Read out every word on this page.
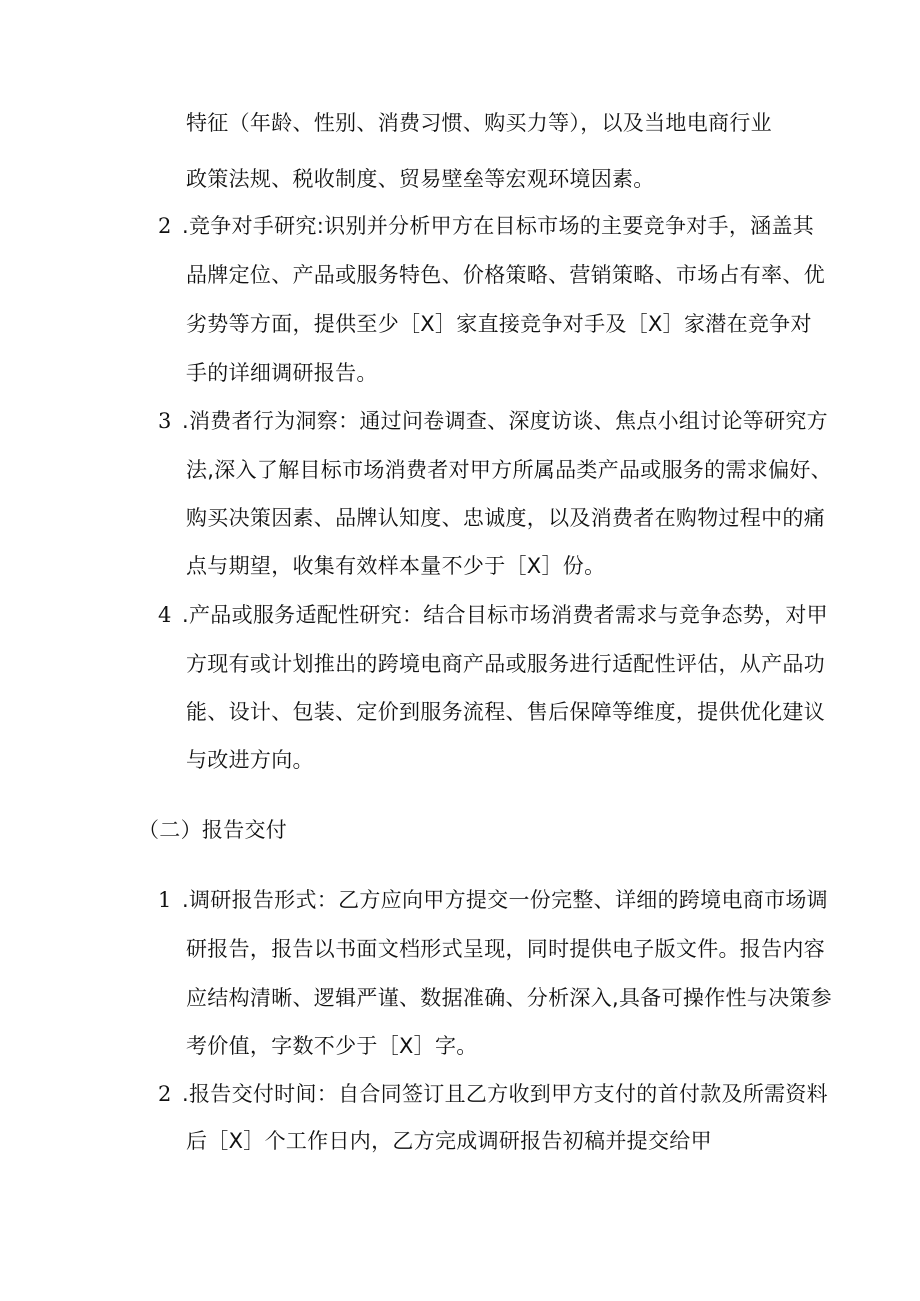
特征（年龄、性别、消费习惯、购买力等），以及当地电商行业
政策法规、税收制度、贸易壁垒等宏观环境因素。
2 .竞争对手研究:识别并分析甲方在目标市场的主要竞争对手，涵盖其
品牌定位、产品或服务特色、价格策略、营销策略、市场占有率、优
劣势等方面，提供至少［X］家直接竞争对手及［X］家潜在竞争对
手的详细调研报告。
3 .消费者行为洞察：通过问卷调查、深度访谈、焦点小组讨论等研究方
法,深入了解目标市场消费者对甲方所属品类产品或服务的需求偏好、
购买决策因素、品牌认知度、忠诚度，以及消费者在购物过程中的痛
点与期望，收集有效样本量不少于［X］份。
4 .产品或服务适配性研究：结合目标市场消费者需求与竞争态势，对甲
方现有或计划推出的跨境电商产品或服务进行适配性评估，从产品功
能、设计、包装、定价到服务流程、售后保障等维度，提供优化建议
与改进方向。
（二）报告交付
1 .调研报告形式：乙方应向甲方提交一份完整、详细的跨境电商市场调
研报告，报告以书面文档形式呈现，同时提供电子版文件。报告内容
应结构清晰、逻辑严谨、数据准确、分析深入,具备可操作性与决策参
考价值，字数不少于［X］字。
2 .报告交付时间：自合同签订且乙方收到甲方支付的首付款及所需资料
后［X］个工作日内，乙方完成调研报告初稿并提交给甲
